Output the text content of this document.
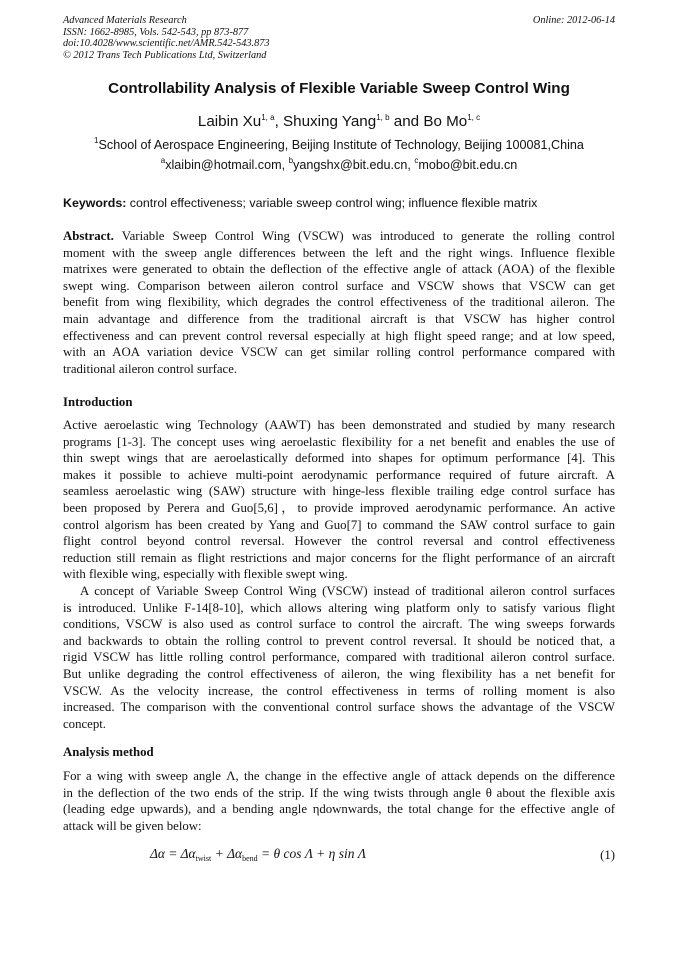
Advanced Materials Research
ISSN: 1662-8985, Vols. 542-543, pp 873-877
doi:10.4028/www.scientific.net/AMR.542-543.873
© 2012 Trans Tech Publications Ltd, Switzerland
Online: 2012-06-14
Controllability Analysis of Flexible Variable Sweep Control Wing
Laibin Xu$^{1, a}$, Shuxing Yang$^{1, b}$ and Bo Mo$^{1, c}$
$^1$School of Aerospace Engineering, Beijing Institute of Technology, Beijing 100081,China
$^a$xlaibin@hotmail.com, $^b$yangshx@bit.edu.cn, $^c$mobo@bit.edu.cn
Keywords: control effectiveness; variable sweep control wing; influence flexible matrix
Abstract. Variable Sweep Control Wing (VSCW) was introduced to generate the rolling control
moment with the sweep angle differences between the left and the right wings. Influence flexible
matrixes were generated to obtain the deflection of the effective angle of attack (AOA) of the flexible
swept wing. Comparison between aileron control surface and VSCW shows that VSCW can get
benefit from wing flexibility, which degrades the control effectiveness of the traditional aileron. The
main advantage and difference from the traditional aircraft is that VSCW has higher control
effectiveness and can prevent control reversal especially at high flight speed range; and at low speed,
with an AOA variation device VSCW can get similar rolling control performance compared with
traditional aileron control surface.
Introduction
Active aeroelastic wing Technology (AAWT) has been demonstrated and studied by many research
programs [1-3]. The concept uses wing aeroelastic flexibility for a net benefit and enables the use of
thin swept wings that are aeroelastically deformed into shapes for optimum performance [4]. This
makes it possible to achieve multi-point aerodynamic performance required of future aircraft. A
seamless aeroelastic wing (SAW) structure with hinge-less flexible trailing edge control surface has
been proposed by Perera and Guo[5,6]，to provide improved aerodynamic performance. An active
control algorism has been created by Yang and Guo[7] to command the SAW control surface to gain
flight control beyond control reversal. However the control reversal and control effectiveness
reduction still remain as flight restrictions and major concerns for the flight performance of an aircraft
with flexible wing, especially with flexible swept wing.
A concept of Variable Sweep Control Wing (VSCW) instead of traditional aileron control surfaces
is introduced. Unlike F-14[8-10], which allows altering wing platform only to satisfy various flight
conditions, VSCW is also used as control surface to control the aircraft. The wing sweeps forwards
and backwards to obtain the rolling control to prevent control reversal. It should be noticed that, a
rigid VSCW has little rolling control performance, compared with traditional aileron control surface.
But unlike degrading the control effectiveness of aileron, the wing flexibility has a net benefit for
VSCW. As the velocity increase, the control effectiveness in terms of rolling moment is also
increased. The comparison with the conventional control surface shows the advantage of the VSCW
concept.
Analysis method
For a wing with sweep angle Λ, the change in the effective angle of attack depends on the difference
in the deflection of the two ends of the strip. If the wing twists through angle θ about the flexible axis
(leading edge upwards), and a bending angle ηdownwards, the total change for the effective angle of
attack will be given below:
$\Delta\alpha = \Delta\alpha_{twist} + \Delta\alpha_{bend} = \theta$ cos Λ + η sin Λ	(1)
